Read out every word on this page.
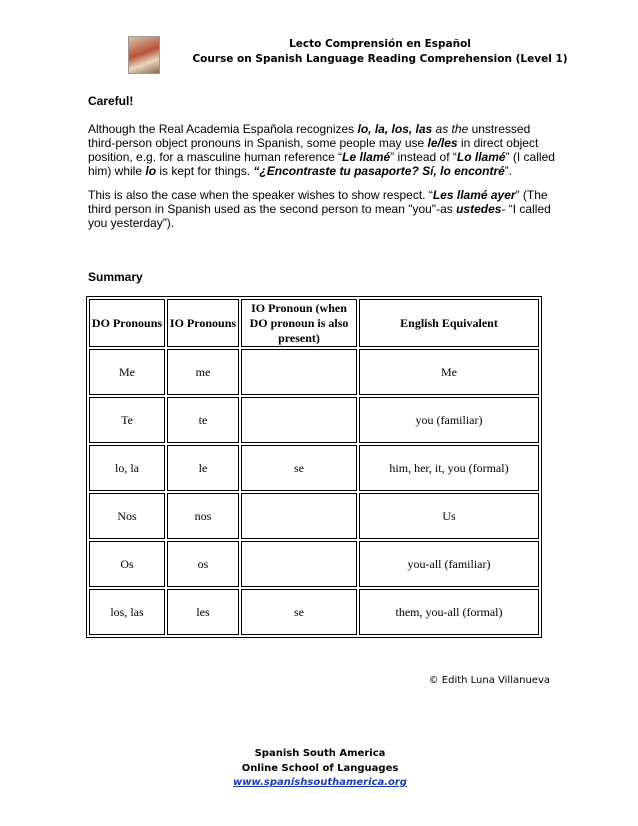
Lecto Comprensión en Español
Course on Spanish Language Reading Comprehension (Level 1)
Careful!

Although the Real Academia Española recognizes lo, la, los, las as the unstressed third-person object pronouns in Spanish, some people may use le/les in direct object position, e.g. for a masculine human reference “Le llamé” instead of “Lo llamé” (I called him) while lo is kept for things. “¿Encontraste tu pasaporte? Sí, lo encontré”.

This is also the case when the speaker wishes to show respect. “Les llamé ayer” (The third person in Spanish used as the second person to mean "you"-as ustedes- “I called you yesterday”).

Summary
DO Pronouns	IO Pronouns	IO Pronoun (when DO pronoun is also present)	English Equivalent
Me	me		Me
Te	te		you (familiar)
lo, la	le	se	him, her, it, you (formal)
Nos	nos		Us
Os	os		you-all (familiar)
los, las	les	se	them, you-all (formal)
© Edith Luna Villanueva
Spanish South America
Online School of Languages
www.spanishsouthamerica.org
